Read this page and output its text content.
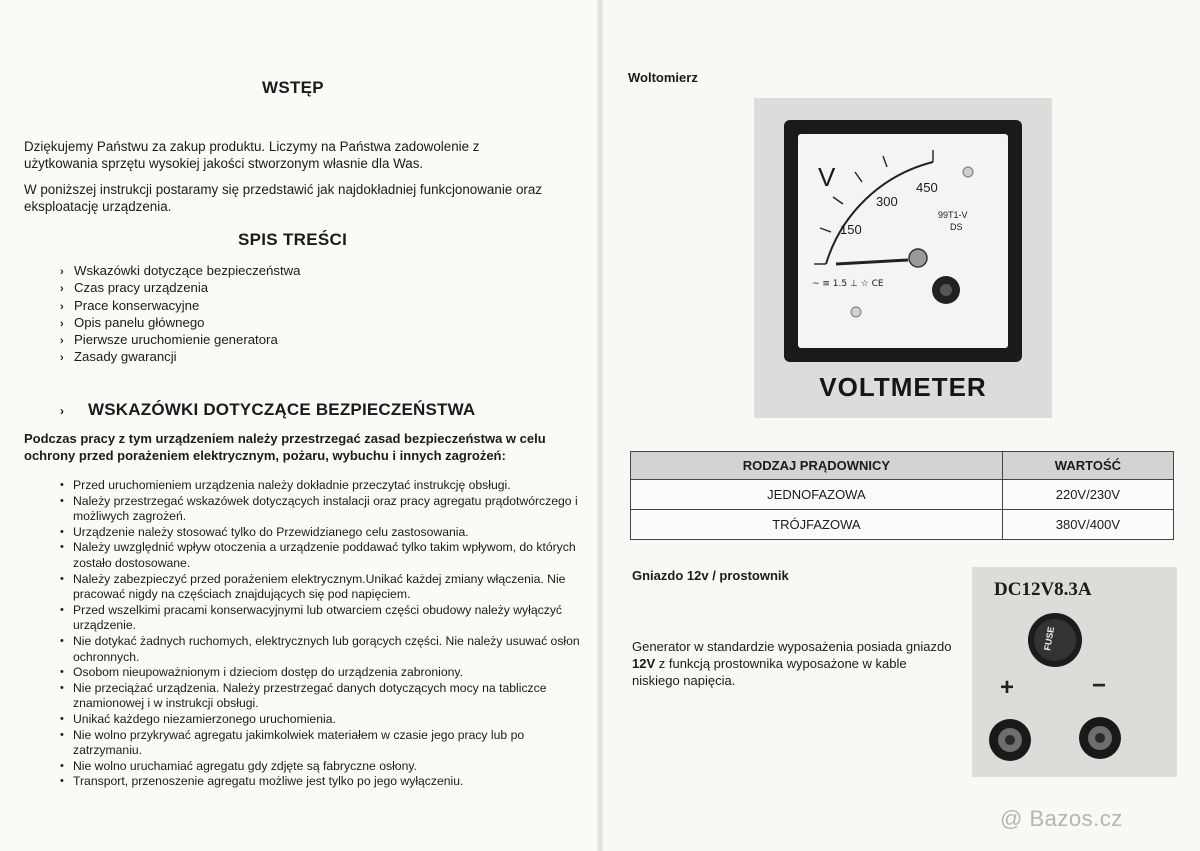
WSTĘP
Dziękujemy Państwu za zakup produktu. Liczymy na Państwa zadowolenie z użytkowania sprzętu wysokiej jakości stworzonym własnie dla Was.
W poniższej instrukcji postaramy się przedstawić jak najdokładniej funkcjonowanie oraz eksploatację urządzenia.
SPIS TREŚCI
› Wskazówki dotyczące bezpieczeństwa
› Czas pracy urządzenia
› Prace konserwacyjne
› Opis panelu głównego
› Pierwsze uruchomienie generatora
› Zasady gwarancji
› WSKAZÓWKI DOTYCZĄCE BEZPIECZEŃSTWA
Podczas pracy z tym urządzeniem należy przestrzegać zasad bezpieczeństwa w celu ochrony przed porażeniem elektrycznym, pożaru, wybuchu i innych zagrożeń:
• Przed uruchomieniem urządzenia należy dokładnie przeczytać instrukcję obsługi.
• Należy przestrzegać wskazówek dotyczących instalacji oraz pracy agregatu prądotwórczego i możliwych zagrożeń.
• Urządzenie należy stosować tylko do Przewidzianego celu zastosowania.
• Należy uwzględnić wpływ otoczenia a urządzenie poddawać tylko takim wpływom, do których zostało dostosowane.
• Należy zabezpieczyć przed porażeniem elektrycznym.Unikać każdej zmiany włączenia. Nie pracować nigdy na częściach znajdujących się pod napięciem.
• Przed wszelkimi pracami konserwacyjnymi lub otwarciem części obudowy należy wyłączyć urządzenie.
• Nie dotykać żadnych ruchomych, elektrycznych lub gorących części. Nie należy usuwać osłon ochronnych.
• Osobom nieupoważnionym i dzieciom dostęp do urządzenia zabroniony.
• Nie przeciążać urządzenia. Należy przestrzegać danych dotyczących mocy na tabliczce znamionowej i w instrukcji obsługi.
• Unikać każdego niezamierzonego uruchomienia.
• Nie wolno przykrywać agregatu jakimkolwiek materiałem w czasie jego pracy lub po zatrzymaniu.
• Nie wolno uruchamiać agregatu gdy zdjęte są fabryczne osłony.
• Transport, przenoszenie agregatu możliwe jest tylko po jego wyłączeniu.
Woltomierz
V
150
300
450
99T1-V
DS
~ ≡ 1.5 ⊥ ☆ CE
VOLTMETER
RODZAJ PRĄDOWNICY	WARTOŚĆ
JEDNOFAZOWA	220V/230V
TRÓJFAZOWA	380V/400V
Gniazdo 12v / prostownik
Generator w standardzie wyposażenia posiada gniazdo 12V z funkcją prostownika wyposażone w kable niskiego napięcia.
DC12V8.3A
FUSE
+	−
@ Bazos.cz
